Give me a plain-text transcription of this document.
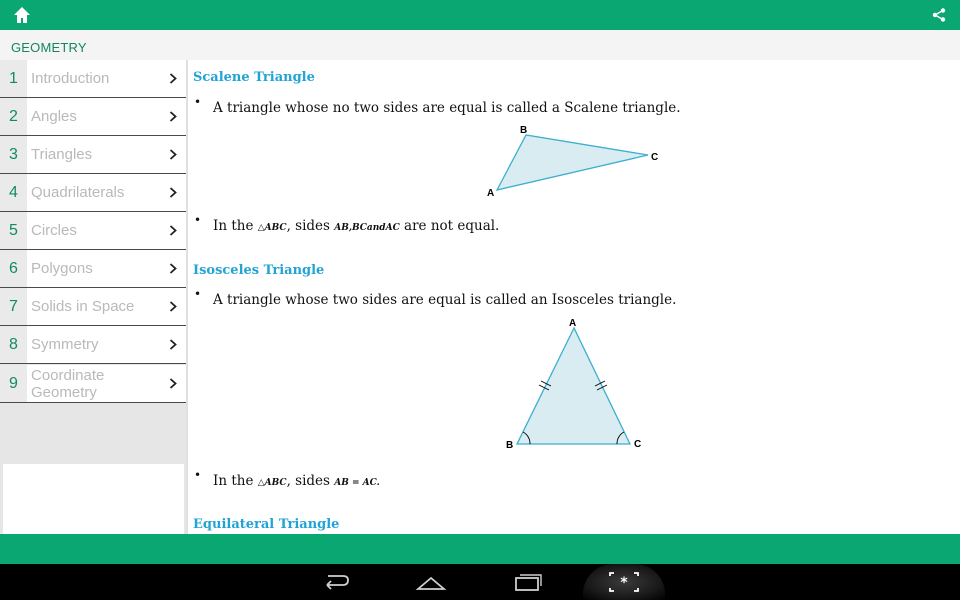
GEOMETRY
1 Introduction
2 Angles
3 Triangles
4 Quadrilaterals
5 Circles
6 Polygons
7 Solids in Space
8 Symmetry
9 Coordinate Geometry
Scalene Triangle
• A triangle whose no two sides are equal is called a Scalene triangle.
A
B
C
• In the △ABC, sides AB,BCandAC are not equal.
Isosceles Triangle
• A triangle whose two sides are equal is called an Isosceles triangle.
A
B	C
• In the △ABC, sides AB = AC.
Equilateral Triangle
*
